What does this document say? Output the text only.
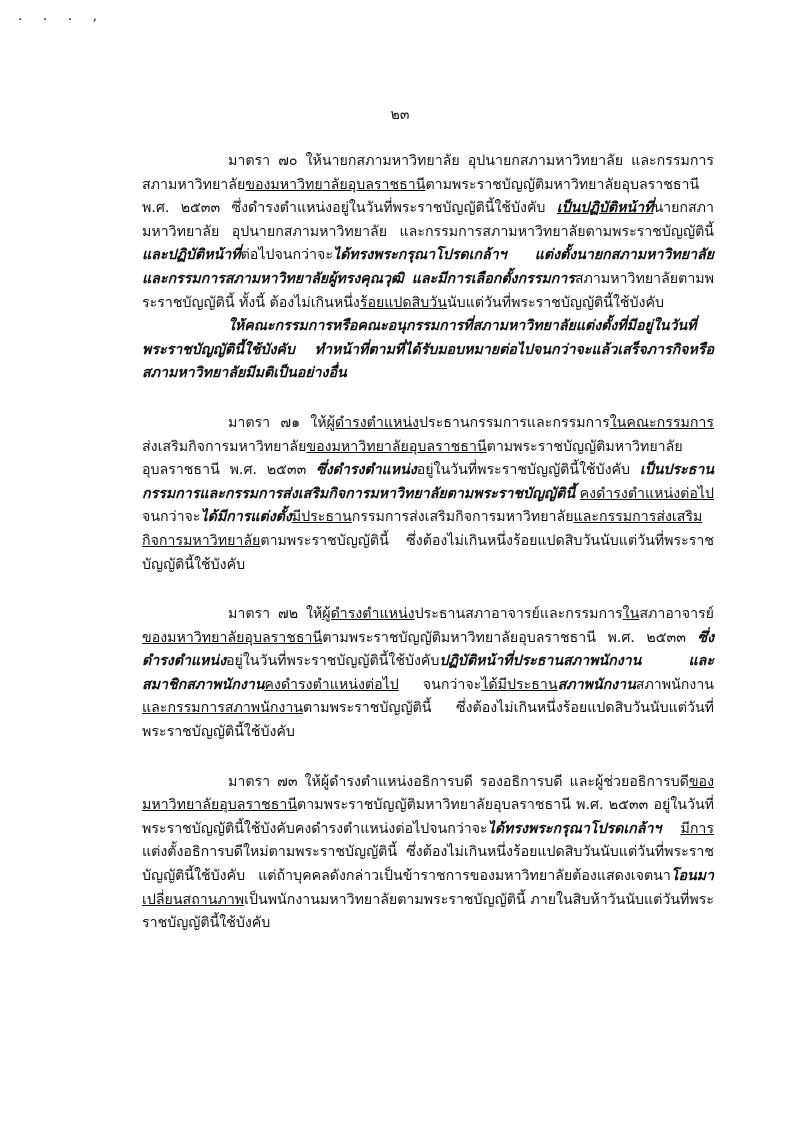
. . . ,
๒๓

มาตรา ๗๐ ให้นายกสภามหาวิทยาลัย อุปนายกสภามหาวิทยาลัย และกรรมการสภามหาวิทยาลัยของมหาวิทยาลัยอุบลราชธานีตามพระราชบัญญัติมหาวิทยาลัยอุบลราชธานี พ.ศ. ๒๕๓๓ ซึ่งดำรงตำแหน่งอยู่ในวันที่พระราชบัญญัตินี้ใช้บังคับ เป็นปฏิบัติหน้าที่นายกสภามหาวิทยาลัย อุปนายกสภามหาวิทยาลัย และกรรมการสภามหาวิทยาลัยตามพระราชบัญญัตินี้ และปฏิบัติหน้าที่ต่อไปจนกว่าจะได้ทรงพระกรุณาโปรดเกล้าฯ แต่งตั้งนายกสภามหาวิทยาลัย และกรรมการสภามหาวิทยาลัยผู้ทรงคุณวุฒิ และมีการเลือกตั้งกรรมการสภามหาวิทยาลัยตามพระราชบัญญัตินี้ ทั้งนี้ ต้องไม่เกินหนึ่งร้อยแปดสิบวันนับแต่วันที่พระราชบัญญัตินี้ใช้บังคับ

ให้คณะกรรมการหรือคณะอนุกรรมการที่สภามหาวิทยาลัยแต่งตั้งที่มีอยู่ในวันที่พระราชบัญญัตินี้ใช้บังคับ ทำหน้าที่ตามที่ได้รับมอบหมายต่อไปจนกว่าจะแล้วเสร็จภารกิจหรือสภามหาวิทยาลัยมีมติเป็นอย่างอื่น

มาตรา ๗๑ ให้ผู้ดำรงตำแหน่งประธานกรรมการและกรรมการในคณะกรรมการส่งเสริมกิจการมหาวิทยาลัยของมหาวิทยาลัยอุบลราชธานีตามพระราชบัญญัติมหาวิทยาลัยอุบลราชธานี พ.ศ. ๒๕๓๓ ซึ่งดำรงตำแหน่งอยู่ในวันที่พระราชบัญญัตินี้ใช้บังคับ เป็นประธานกรรมการและกรรมการส่งเสริมกิจการมหาวิทยาลัยตามพระราชบัญญัตินี้ คงดำรงตำแหน่งต่อไป จนกว่าจะได้มีการแต่งตั้งมีประธานกรรมการส่งเสริมกิจการมหาวิทยาลัยและกรรมการส่งเสริมกิจการมหาวิทยาลัยตามพระราชบัญญัตินี้ ซึ่งต้องไม่เกินหนึ่งร้อยแปดสิบวันนับแต่วันที่พระราชบัญญัตินี้ใช้บังคับ

มาตรา ๗๒ ให้ผู้ดำรงตำแหน่งประธานสภาอาจารย์และกรรมการในสภาอาจารย์ของมหาวิทยาลัยอุบลราชธานีตามพระราชบัญญัติมหาวิทยาลัยอุบลราชธานี พ.ศ. ๒๕๓๓ ซึ่งดำรงตำแหน่งอยู่ในวันที่พระราชบัญญัตินี้ใช้บังคับปฏิบัติหน้าที่ประธานสภาพนักงาน และสมาชิกสภาพนักงานคงดำรงตำแหน่งต่อไป จนกว่าจะได้มีประธานสภาพนักงานสภาพนักงานและกรรมการสภาพนักงานตามพระราชบัญญัตินี้ ซึ่งต้องไม่เกินหนึ่งร้อยแปดสิบวันนับแต่วันที่พระราชบัญญัตินี้ใช้บังคับ

มาตรา ๗๓ ให้ผู้ดำรงตำแหน่งอธิการบดี รองอธิการบดี และผู้ช่วยอธิการบดีของมหาวิทยาลัยอุบลราชธานีตามพระราชบัญญัติมหาวิทยาลัยอุบลราชธานี พ.ศ. ๒๕๓๓ อยู่ในวันที่พระราชบัญญัตินี้ใช้บังคับคงดำรงตำแหน่งต่อไปจนกว่าจะได้ทรงพระกรุณาโปรดเกล้าฯ มีการแต่งตั้งอธิการบดีใหม่ตามพระราชบัญญัตินี้ ซึ่งต้องไม่เกินหนึ่งร้อยแปดสิบวันนับแต่วันที่พระราชบัญญัตินี้ใช้บังคับ แต่ถ้าบุคคลดังกล่าวเป็นข้าราชการของมหาวิทยาลัยต้องแสดงเจตนาโอนมาเปลี่ยนสถานภาพเป็นพนักงานมหาวิทยาลัยตามพระราชบัญญัตินี้ ภายในสิบห้าวันนับแต่วันที่พระราชบัญญัตินี้ใช้บังคับ
